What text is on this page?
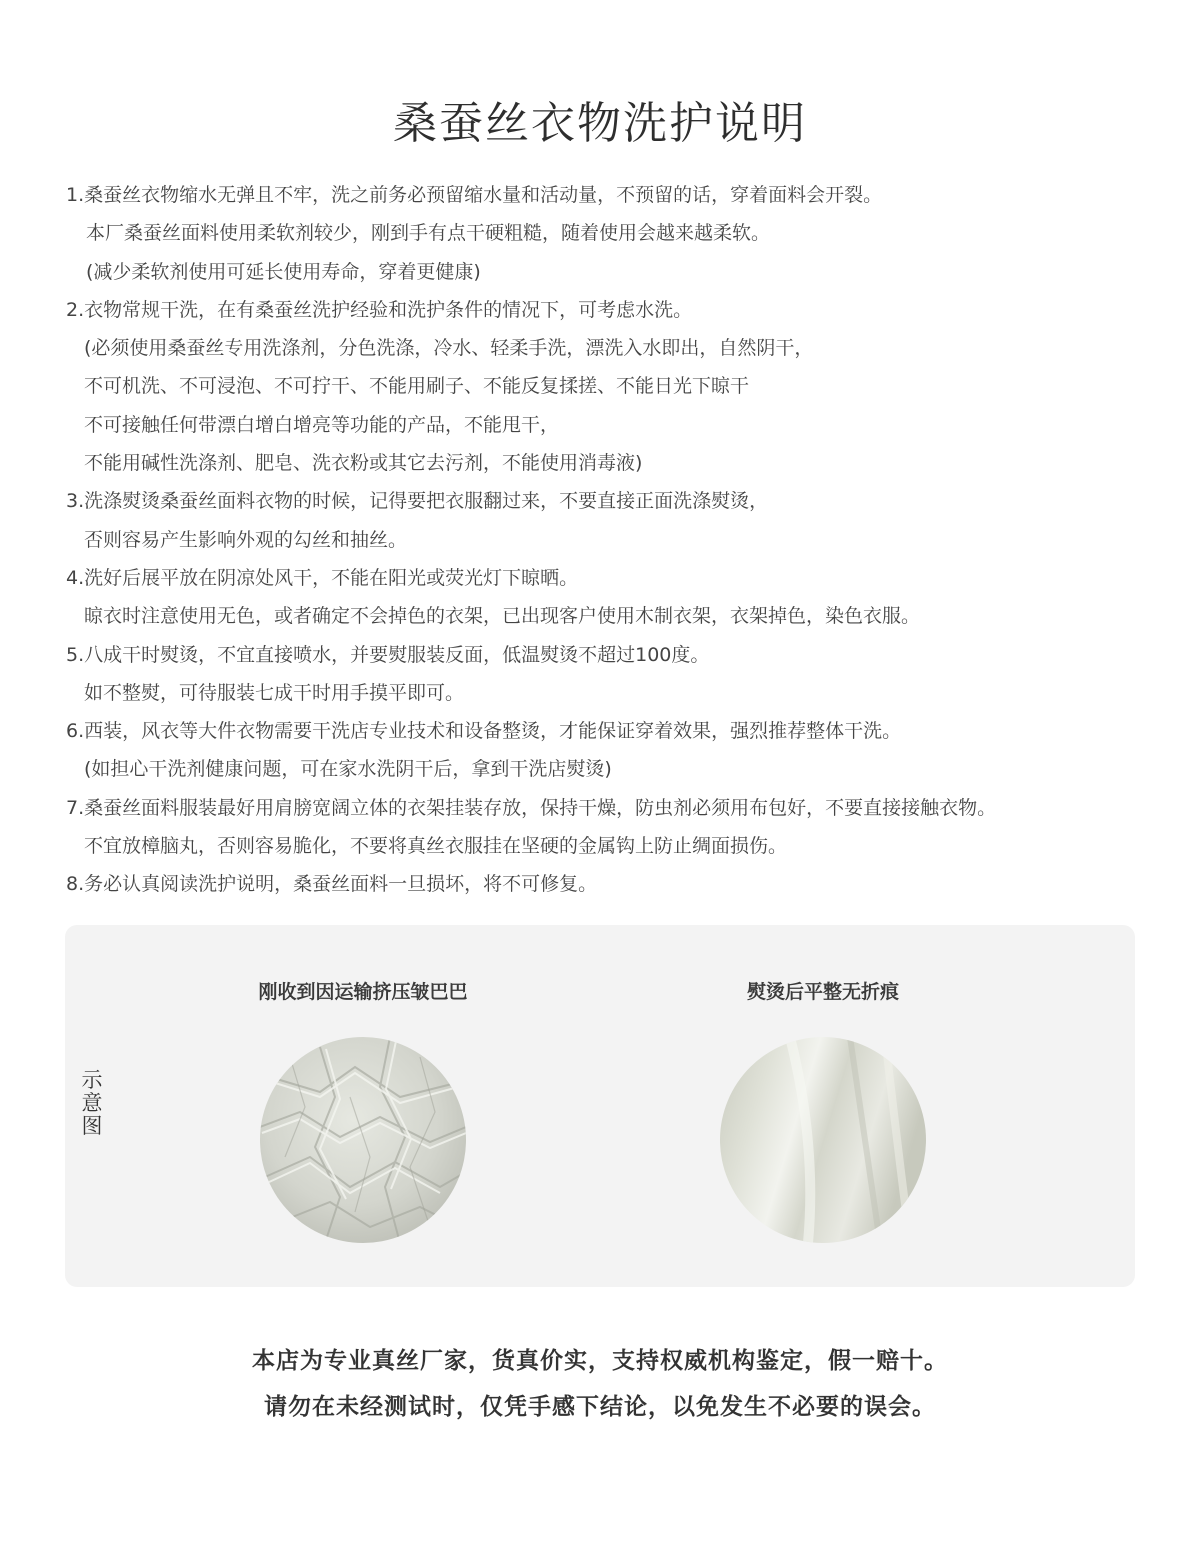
桑蚕丝衣物洗护说明
1.桑蚕丝衣物缩水无弹且不牢，洗之前务必预留缩水量和活动量，不预留的话，穿着面料会开裂。
本厂桑蚕丝面料使用柔软剂较少，刚到手有点干硬粗糙，随着使用会越来越柔软。
(减少柔软剂使用可延长使用寿命，穿着更健康)
2.衣物常规干洗，在有桑蚕丝洗护经验和洗护条件的情况下，可考虑水洗。
(必须使用桑蚕丝专用洗涤剂，分色洗涤，冷水、轻柔手洗，漂洗入水即出，自然阴干，
不可机洗、不可浸泡、不可拧干、不能用刷子、不能反复揉搓、不能日光下晾干
不可接触任何带漂白增白增亮等功能的产品，不能甩干，
不能用碱性洗涤剂、肥皂、洗衣粉或其它去污剂，不能使用消毒液)
3.洗涤熨烫桑蚕丝面料衣物的时候，记得要把衣服翻过来，不要直接正面洗涤熨烫，
否则容易产生影响外观的勾丝和抽丝。
4.洗好后展平放在阴凉处风干，不能在阳光或荧光灯下晾晒。
晾衣时注意使用无色，或者确定不会掉色的衣架，已出现客户使用木制衣架，衣架掉色，染色衣服。
5.八成干时熨烫，不宜直接喷水，并要熨服装反面，低温熨烫不超过100度。
如不整熨，可待服装七成干时用手摸平即可。
6.西装，风衣等大件衣物需要干洗店专业技术和设备整烫，才能保证穿着效果，强烈推荐整体干洗。
(如担心干洗剂健康问题，可在家水洗阴干后，拿到干洗店熨烫)
7.桑蚕丝面料服装最好用肩膀宽阔立体的衣架挂装存放，保持干燥，防虫剂必须用布包好，不要直接接触衣物。
不宜放樟脑丸，否则容易脆化，不要将真丝衣服挂在坚硬的金属钩上防止绸面损伤。
8.务必认真阅读洗护说明，桑蚕丝面料一旦损坏，将不可修复。
示意图
刚收到因运输挤压皱巴巴	熨烫后平整无折痕
本店为专业真丝厂家，货真价实，支持权威机构鉴定，假一赔十。
请勿在未经测试时，仅凭手感下结论，以免发生不必要的误会。
